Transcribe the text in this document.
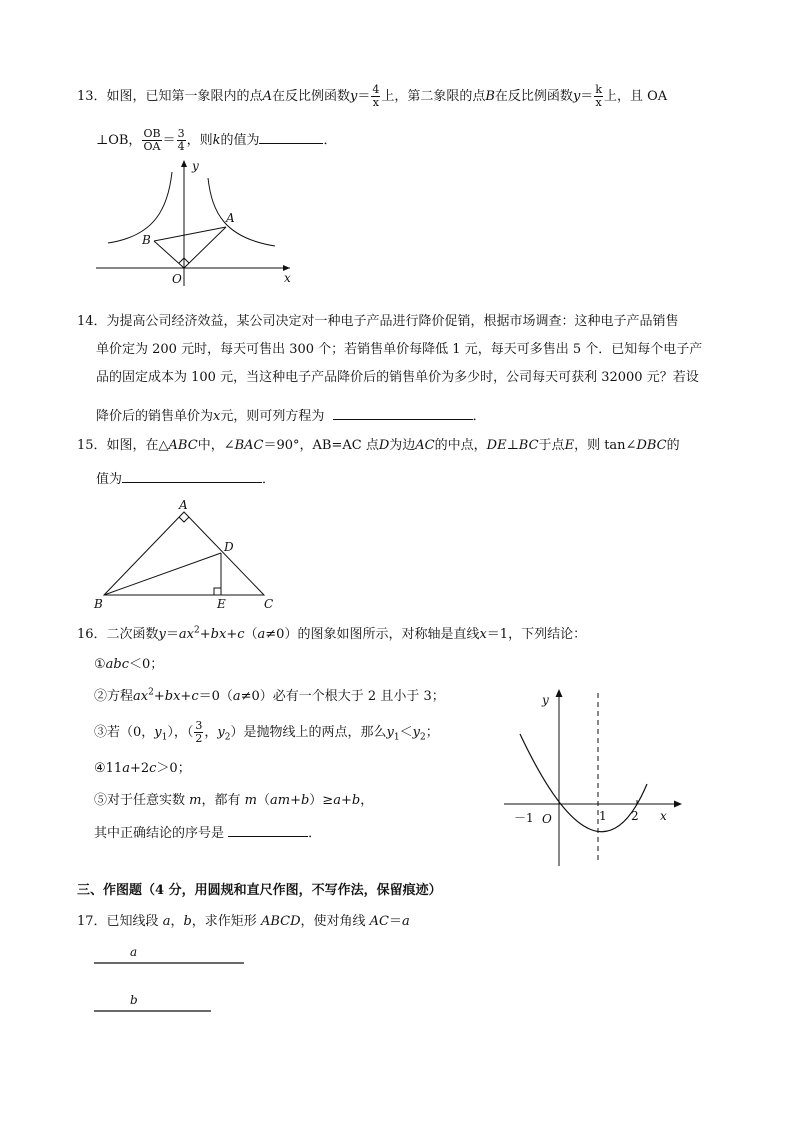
13．如图，已知第一象限内的点A在反比例函数$y= \frac{4}{x}$ 上，第二象限的点B在反比例函数$y= \frac{k}{x}$ 上，且 OA
⊥OB， $\frac{OB}{OA} = \frac{3}{4}$ ，则k的值为	．
y
x
A
B
O
14．为提高公司经济效益，某公司决定对一种电子产品进行降价促销，根据市场调查：这种电子产品销售
单价定为 200 元时，每天可售出 300 个；若销售单价每降低 1 元，每天可多售出 5 个．已知每个电子产
品的固定成本为 100 元，当这种电子产品降价后的销售单价为多少时，公司每天可获利 32000 元？若设
降价后的销售单价为x元，则可列方程为	．
15．如图，在△ABC中，∠BAC＝90°，AB=AC 点D为边AC的中点，DE⊥BC于点E，则 tan∠DBC的
值为	．
A
B	C
D
E
16．二次函数$y=ax^2+bx+c(a\ne 0)$的图象如图所示，对称轴是直线x＝1，下列结论：
①abc＜0；
②方程$ax^2+bx+c=0(a\ne 0)$必有一个根大于 2 且小于 3；
③若（0，$y_1$），（ $\frac{3}{2}$ ，$y_2$）是抛物线上的两点，那么$y_1<y_2$；
④11a+2c＞0；
⑤对于任意实数 m，都有 m（am+b）≥a+b，
其中正确结论的序号是	．
y
x
O
－1	1 2
三、作图题（4 分，用圆规和直尺作图，不写作法，保留痕迹）
17．已知线段 a，b，求作矩形 ABCD，使对角线 AC＝a
a
b
